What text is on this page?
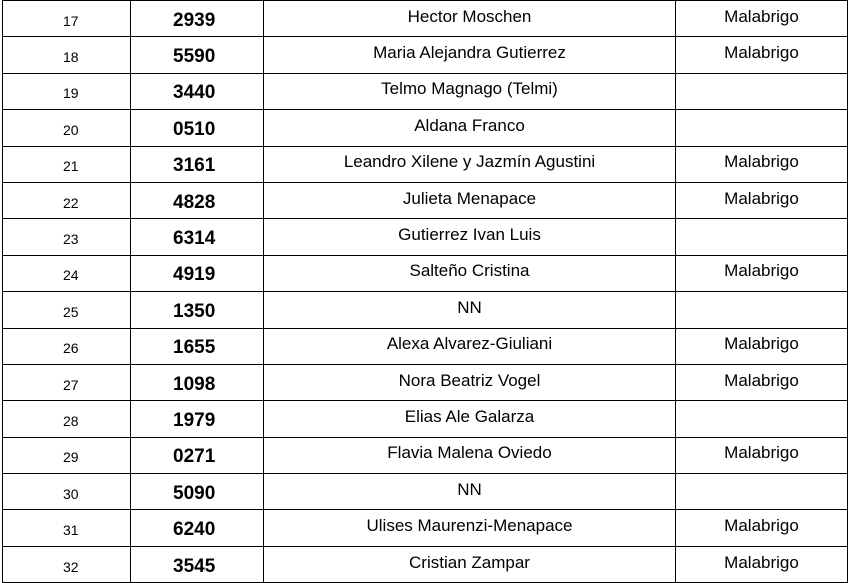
17	2939	Hector Moschen	Malabrigo
18	5590	Maria Alejandra Gutierrez	Malabrigo
19	3440	Telmo Magnago (Telmi)	
20	0510	Aldana Franco	
21	3161	Leandro Xilene y Jazmín Agustini	Malabrigo
22	4828	Julieta Menapace	Malabrigo
23	6314	Gutierrez Ivan Luis	
24	4919	Salteño Cristina	Malabrigo
25	1350	NN	
26	1655	Alexa Alvarez-Giuliani	Malabrigo
27	1098	Nora Beatriz Vogel	Malabrigo
28	1979	Elias Ale Galarza	
29	0271	Flavia Malena Oviedo	Malabrigo
30	5090	NN	
31	6240	Ulises Maurenzi-Menapace	Malabrigo
32	3545	Cristian Zampar	Malabrigo
